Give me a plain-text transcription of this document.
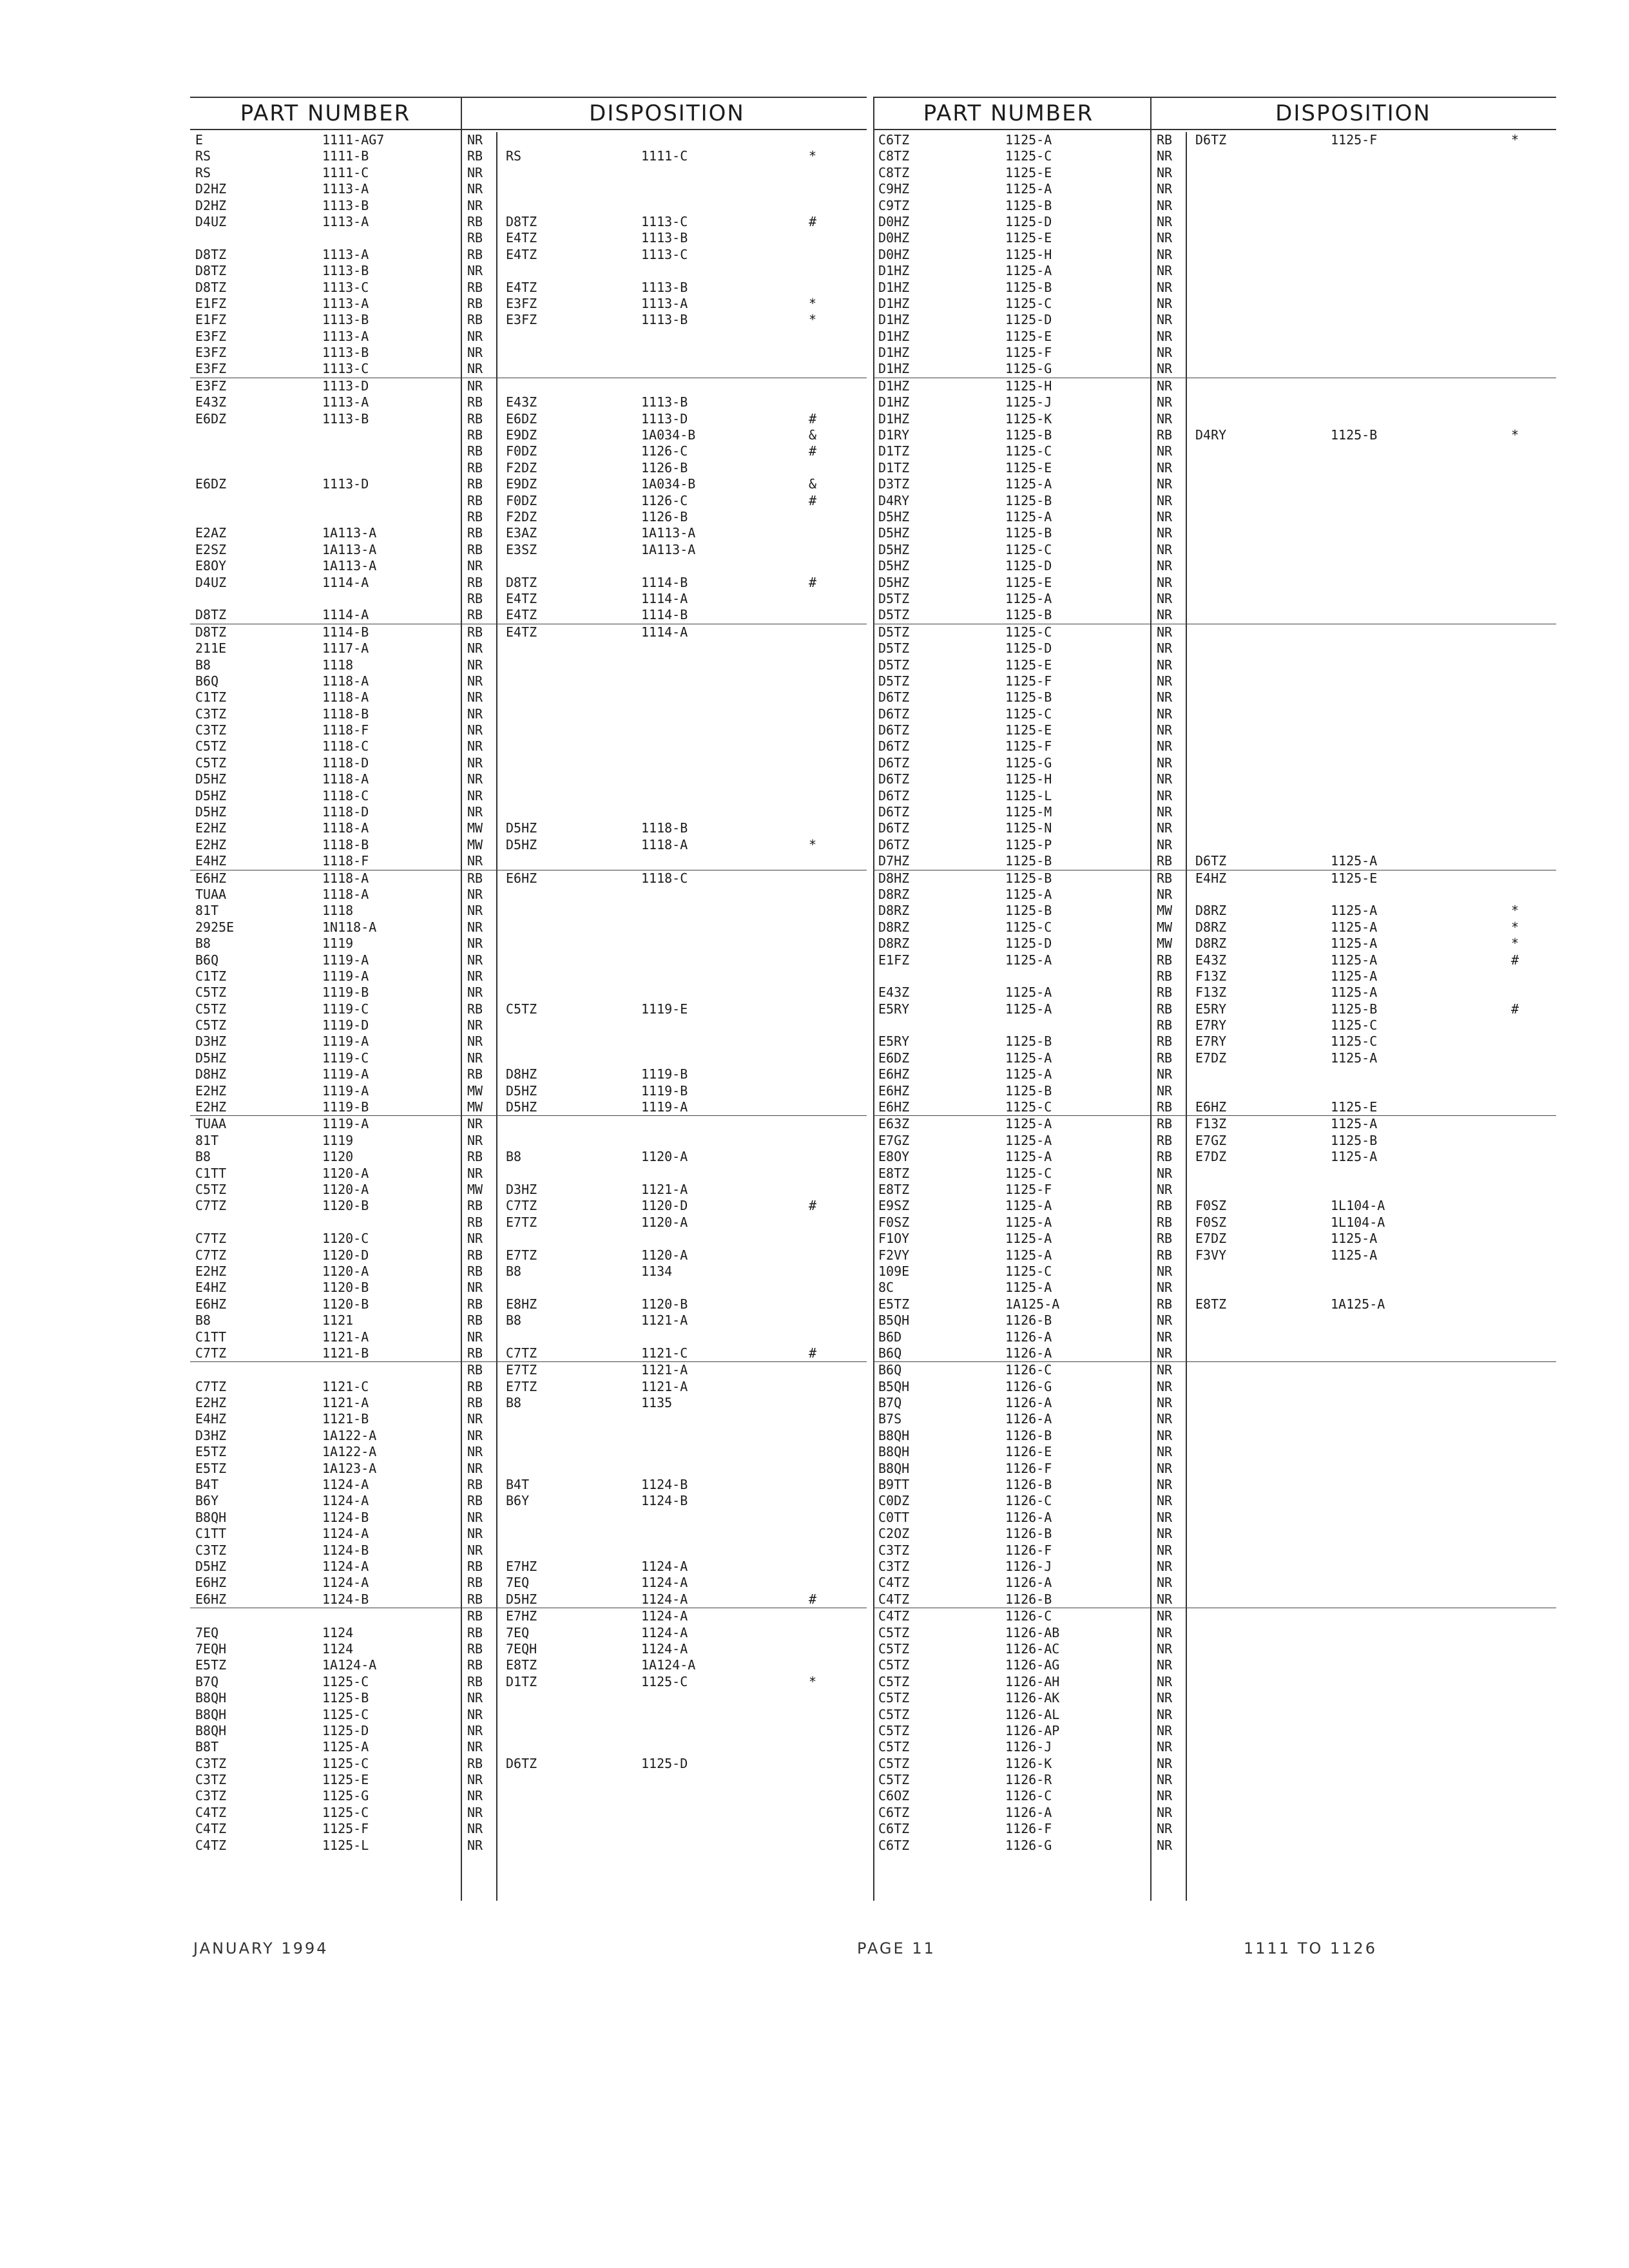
PART NUMBER	DISPOSITION
E	1111-AG7	NR
RS	1111-B	RB RS	1111-C	*
RS	1111-C	NR
D2HZ	1113-A	NR
D2HZ	1113-B	NR
D4UZ	1113-A	RB D8TZ	1113-C	#
RB E4TZ	1113-B
D8TZ	1113-A	RB E4TZ	1113-C
D8TZ	1113-B	NR
D8TZ	1113-C	RB E4TZ	1113-B
E1FZ	1113-A	RB E3FZ	1113-A	*
E1FZ	1113-B	RB E3FZ	1113-B	*
E3FZ	1113-A	NR
E3FZ	1113-B	NR
E3FZ	1113-C	NR
E3FZ	1113-D	NR
E43Z	1113-A	RB E43Z	1113-B
E6DZ	1113-B	RB E6DZ	1113-D	#
RB E9DZ	1A034-B	&
RB F0DZ	1126-C	#
RB F2DZ	1126-B
E6DZ	1113-D	RB E9DZ	1A034-B	&
RB F0DZ	1126-C	#
RB F2DZ	1126-B
E2AZ	1A113-A	RB E3AZ	1A113-A
E2SZ	1A113-A	RB E3SZ	1A113-A
E8OY	1A113-A	NR
D4UZ	1114-A	RB D8TZ	1114-B	#
RB E4TZ	1114-A
D8TZ	1114-A	RB E4TZ	1114-B
D8TZ	1114-B	RB E4TZ	1114-A
211E	1117-A	NR
B8	1118	NR
B6Q	1118-A	NR
C1TZ	1118-A	NR
C3TZ	1118-B	NR
C3TZ	1118-F	NR
C5TZ	1118-C	NR
C5TZ	1118-D	NR
D5HZ	1118-A	NR
D5HZ	1118-C	NR
D5HZ	1118-D	NR
E2HZ	1118-A	MW D5HZ	1118-B
E2HZ	1118-B	MW D5HZ	1118-A	*
E4HZ	1118-F	NR
E6HZ	1118-A	RB E6HZ	1118-C
TUAA	1118-A	NR
81T	1118	NR
2925E	1N118-A	NR
B8	1119	NR
B6Q	1119-A	NR
C1TZ	1119-A	NR
C5TZ	1119-B	NR
C5TZ	1119-C	RB C5TZ	1119-E
C5TZ	1119-D	NR
D3HZ	1119-A	NR
D5HZ	1119-C	NR
D8HZ	1119-A	RB D8HZ	1119-B
E2HZ	1119-A	MW D5HZ	1119-B
E2HZ	1119-B	MW D5HZ	1119-A
TUAA	1119-A	NR
81T	1119	NR
B8	1120	RB B8	1120-A
C1TT	1120-A	NR
C5TZ	1120-A	MW D3HZ	1121-A
C7TZ	1120-B	RB C7TZ	1120-D	#
RB E7TZ	1120-A
C7TZ	1120-C	NR
C7TZ	1120-D	RB E7TZ	1120-A
E2HZ	1120-A	RB B8	1134
E4HZ	1120-B	NR
E6HZ	1120-B	RB E8HZ	1120-B
B8	1121	RB B8	1121-A
C1TT	1121-A	NR
C7TZ	1121-B	RB C7TZ	1121-C	#
RB E7TZ	1121-A
C7TZ	1121-C	RB E7TZ	1121-A
E2HZ	1121-A	RB B8	1135
E4HZ	1121-B	NR
D3HZ	1A122-A	NR
E5TZ	1A122-A	NR
E5TZ	1A123-A	NR
B4T	1124-A	RB B4T	1124-B
B6Y	1124-A	RB B6Y	1124-B
B8QH	1124-B	NR
C1TT	1124-A	NR
C3TZ	1124-B	NR
D5HZ	1124-A	RB E7HZ	1124-A
E6HZ	1124-A	RB 7EQ	1124-A
E6HZ	1124-B	RB D5HZ	1124-A	#
RB E7HZ	1124-A
7EQ	1124	RB 7EQ	1124-A
7EQH	1124	RB 7EQH	1124-A
E5TZ	1A124-A	RB E8TZ	1A124-A
B7Q	1125-C	RB D1TZ	1125-C	*
B8QH	1125-B	NR
B8QH	1125-C	NR
B8QH	1125-D	NR
B8T	1125-A	NR
C3TZ	1125-C	RB D6TZ	1125-D
C3TZ	1125-E	NR
C3TZ	1125-G	NR
C4TZ	1125-C	NR
C4TZ	1125-F	NR
C4TZ	1125-L	NR
PART NUMBER	DISPOSITION
C6TZ	1125-A	RB D6TZ	1125-F	*
C8TZ	1125-C	NR
C8TZ	1125-E	NR
C9HZ	1125-A	NR
C9TZ	1125-B	NR
D0HZ	1125-D	NR
D0HZ	1125-E	NR
D0HZ	1125-H	NR
D1HZ	1125-A	NR
D1HZ	1125-B	NR
D1HZ	1125-C	NR
D1HZ	1125-D	NR
D1HZ	1125-E	NR
D1HZ	1125-F	NR
D1HZ	1125-G	NR
D1HZ	1125-H	NR
D1HZ	1125-J	NR
D1HZ	1125-K	NR
D1RY	1125-B	RB D4RY	1125-B	*
D1TZ	1125-C	NR
D1TZ	1125-E	NR
D3TZ	1125-A	NR
D4RY	1125-B	NR
D5HZ	1125-A	NR
D5HZ	1125-B	NR
D5HZ	1125-C	NR
D5HZ	1125-D	NR
D5HZ	1125-E	NR
D5TZ	1125-A	NR
D5TZ	1125-B	NR
D5TZ	1125-C	NR
D5TZ	1125-D	NR
D5TZ	1125-E	NR
D5TZ	1125-F	NR
D6TZ	1125-B	NR
D6TZ	1125-C	NR
D6TZ	1125-E	NR
D6TZ	1125-F	NR
D6TZ	1125-G	NR
D6TZ	1125-H	NR
D6TZ	1125-L	NR
D6TZ	1125-M	NR
D6TZ	1125-N	NR
D6TZ	1125-P	NR
D7HZ	1125-B	RB D6TZ	1125-A
D8HZ	1125-B	RB E4HZ	1125-E
D8RZ	1125-A	NR
D8RZ	1125-B	MW D8RZ	1125-A	*
D8RZ	1125-C	MW D8RZ	1125-A	*
D8RZ	1125-D	MW D8RZ	1125-A	*
E1FZ	1125-A	RB E43Z	1125-A	#
RB F13Z	1125-A
E43Z	1125-A	RB F13Z	1125-A
E5RY	1125-A	RB E5RY	1125-B	#
RB E7RY	1125-C
E5RY	1125-B	RB E7RY	1125-C
E6DZ	1125-A	RB E7DZ	1125-A
E6HZ	1125-A	NR
E6HZ	1125-B	NR
E6HZ	1125-C	RB E6HZ	1125-E
E63Z	1125-A	RB F13Z	1125-A
E7GZ	1125-A	RB E7GZ	1125-B
E8OY	1125-A	RB E7DZ	1125-A
E8TZ	1125-C	NR
E8TZ	1125-F	NR
E9SZ	1125-A	RB F0SZ	1L104-A
F0SZ	1125-A	RB F0SZ	1L104-A
F1OY	1125-A	RB E7DZ	1125-A
F2VY	1125-A	RB F3VY	1125-A
109E	1125-C	NR
8C	1125-A	NR
E5TZ	1A125-A	RB E8TZ	1A125-A
B5QH	1126-B	NR
B6D	1126-A	NR
B6Q	1126-A	NR
B6Q	1126-C	NR
B5QH	1126-G	NR
B7Q	1126-A	NR
B7S	1126-A	NR
B8QH	1126-B	NR
B8QH	1126-E	NR
B8QH	1126-F	NR
B9TT	1126-B	NR
C0DZ	1126-C	NR
C0TT	1126-A	NR
C2OZ	1126-B	NR
C3TZ	1126-F	NR
C3TZ	1126-J	NR
C4TZ	1126-A	NR
C4TZ	1126-B	NR
C4TZ	1126-C	NR
C5TZ	1126-AB	NR
C5TZ	1126-AC	NR
C5TZ	1126-AG	NR
C5TZ	1126-AH	NR
C5TZ	1126-AK	NR
C5TZ	1126-AL	NR
C5TZ	1126-AP	NR
C5TZ	1126-J	NR
C5TZ	1126-K	NR
C5TZ	1126-R	NR
C6OZ	1126-C	NR
C6TZ	1126-A	NR
C6TZ	1126-F	NR
C6TZ	1126-G	NR
JANUARY 1994	PAGE 11	1111 TO 1126
